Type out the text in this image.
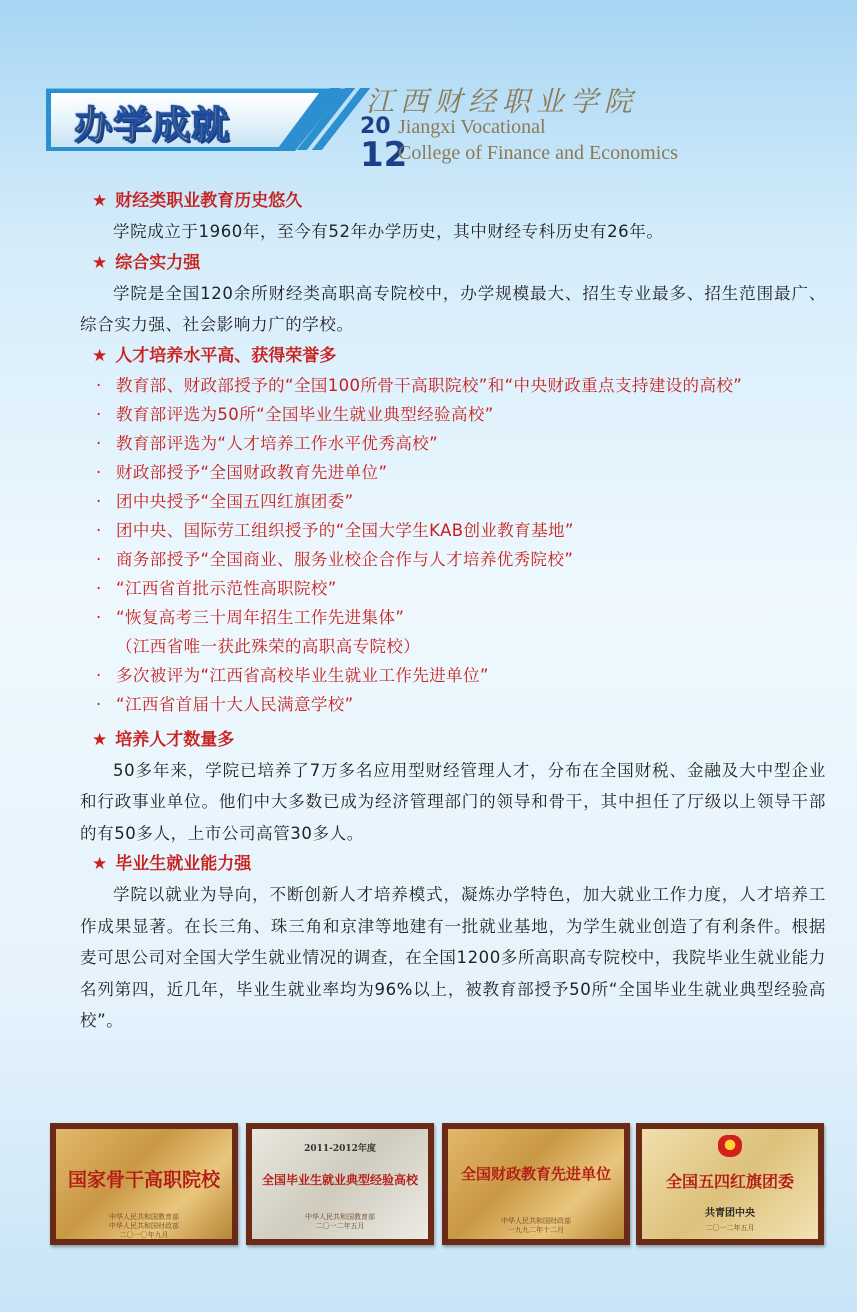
办学成就
江西财经职业学院
20
12
Jiangxi Vocational
College of Finance and Economics
★ 财经类职业教育历史悠久

学院成立于1960年，至今有52年办学历史，其中财经专科历史有26年。

★ 综合实力强

学院是全国120余所财经类高职高专院校中，办学规模最大、招生专业最多、招生范围最广、综合实力强、社会影响力广的学校。

★ 人才培养水平高、获得荣誉多
· 教育部、财政部授予的“全国100所骨干高职院校”和“中央财政重点支持建设的高校”
· 教育部评选为50所“全国毕业生就业典型经验高校”
· 教育部评选为“人才培养工作水平优秀高校”
· 财政部授予“全国财政教育先进单位”
· 团中央授予“全国五四红旗团委”
· 团中央、国际劳工组织授予的“全国大学生KAB创业教育基地”
· 商务部授予“全国商业、服务业校企合作与人才培养优秀院校”
· “江西省首批示范性高职院校”
· “恢复高考三十周年招生工作先进集体”
（江西省唯一获此殊荣的高职高专院校）
· 多次被评为“江西省高校毕业生就业工作先进单位”
· “江西省首届十大人民满意学校”
★ 培养人才数量多

50多年来，学院已培养了7万多名应用型财经管理人才，分布在全国财税、金融及大中型企业和行政事业单位。他们中大多数已成为经济管理部门的领导和骨干，其中担任了厅级以上领导干部的有50多人，上市公司高管30多人。

★ 毕业生就业能力强

学院以就业为导向，不断创新人才培养模式，凝炼办学特色，加大就业工作力度，人才培养工作成果显著。在长三角、珠三角和京津等地建有一批就业基地，为学生就业创造了有利条件。根据麦可思公司对全国大学生就业情况的调查，在全国1200多所高职高专院校中，我院毕业生就业能力名列第四，近几年，毕业生就业率均为96%以上，被教育部授予50所“全国毕业生就业典型经验高校”。

国家骨干高职院校
中华人民共和国教育部
中华人民共和国财政部
二〇一〇年九月
2011-2012年度
全国毕业生就业典型经验高校
中华人民共和国教育部
二〇一二年五月
全国财政教育先进单位
中华人民共和国财政部
一九九二年十二月
全国五四红旗团委
共青团中央
二〇一二年五月
